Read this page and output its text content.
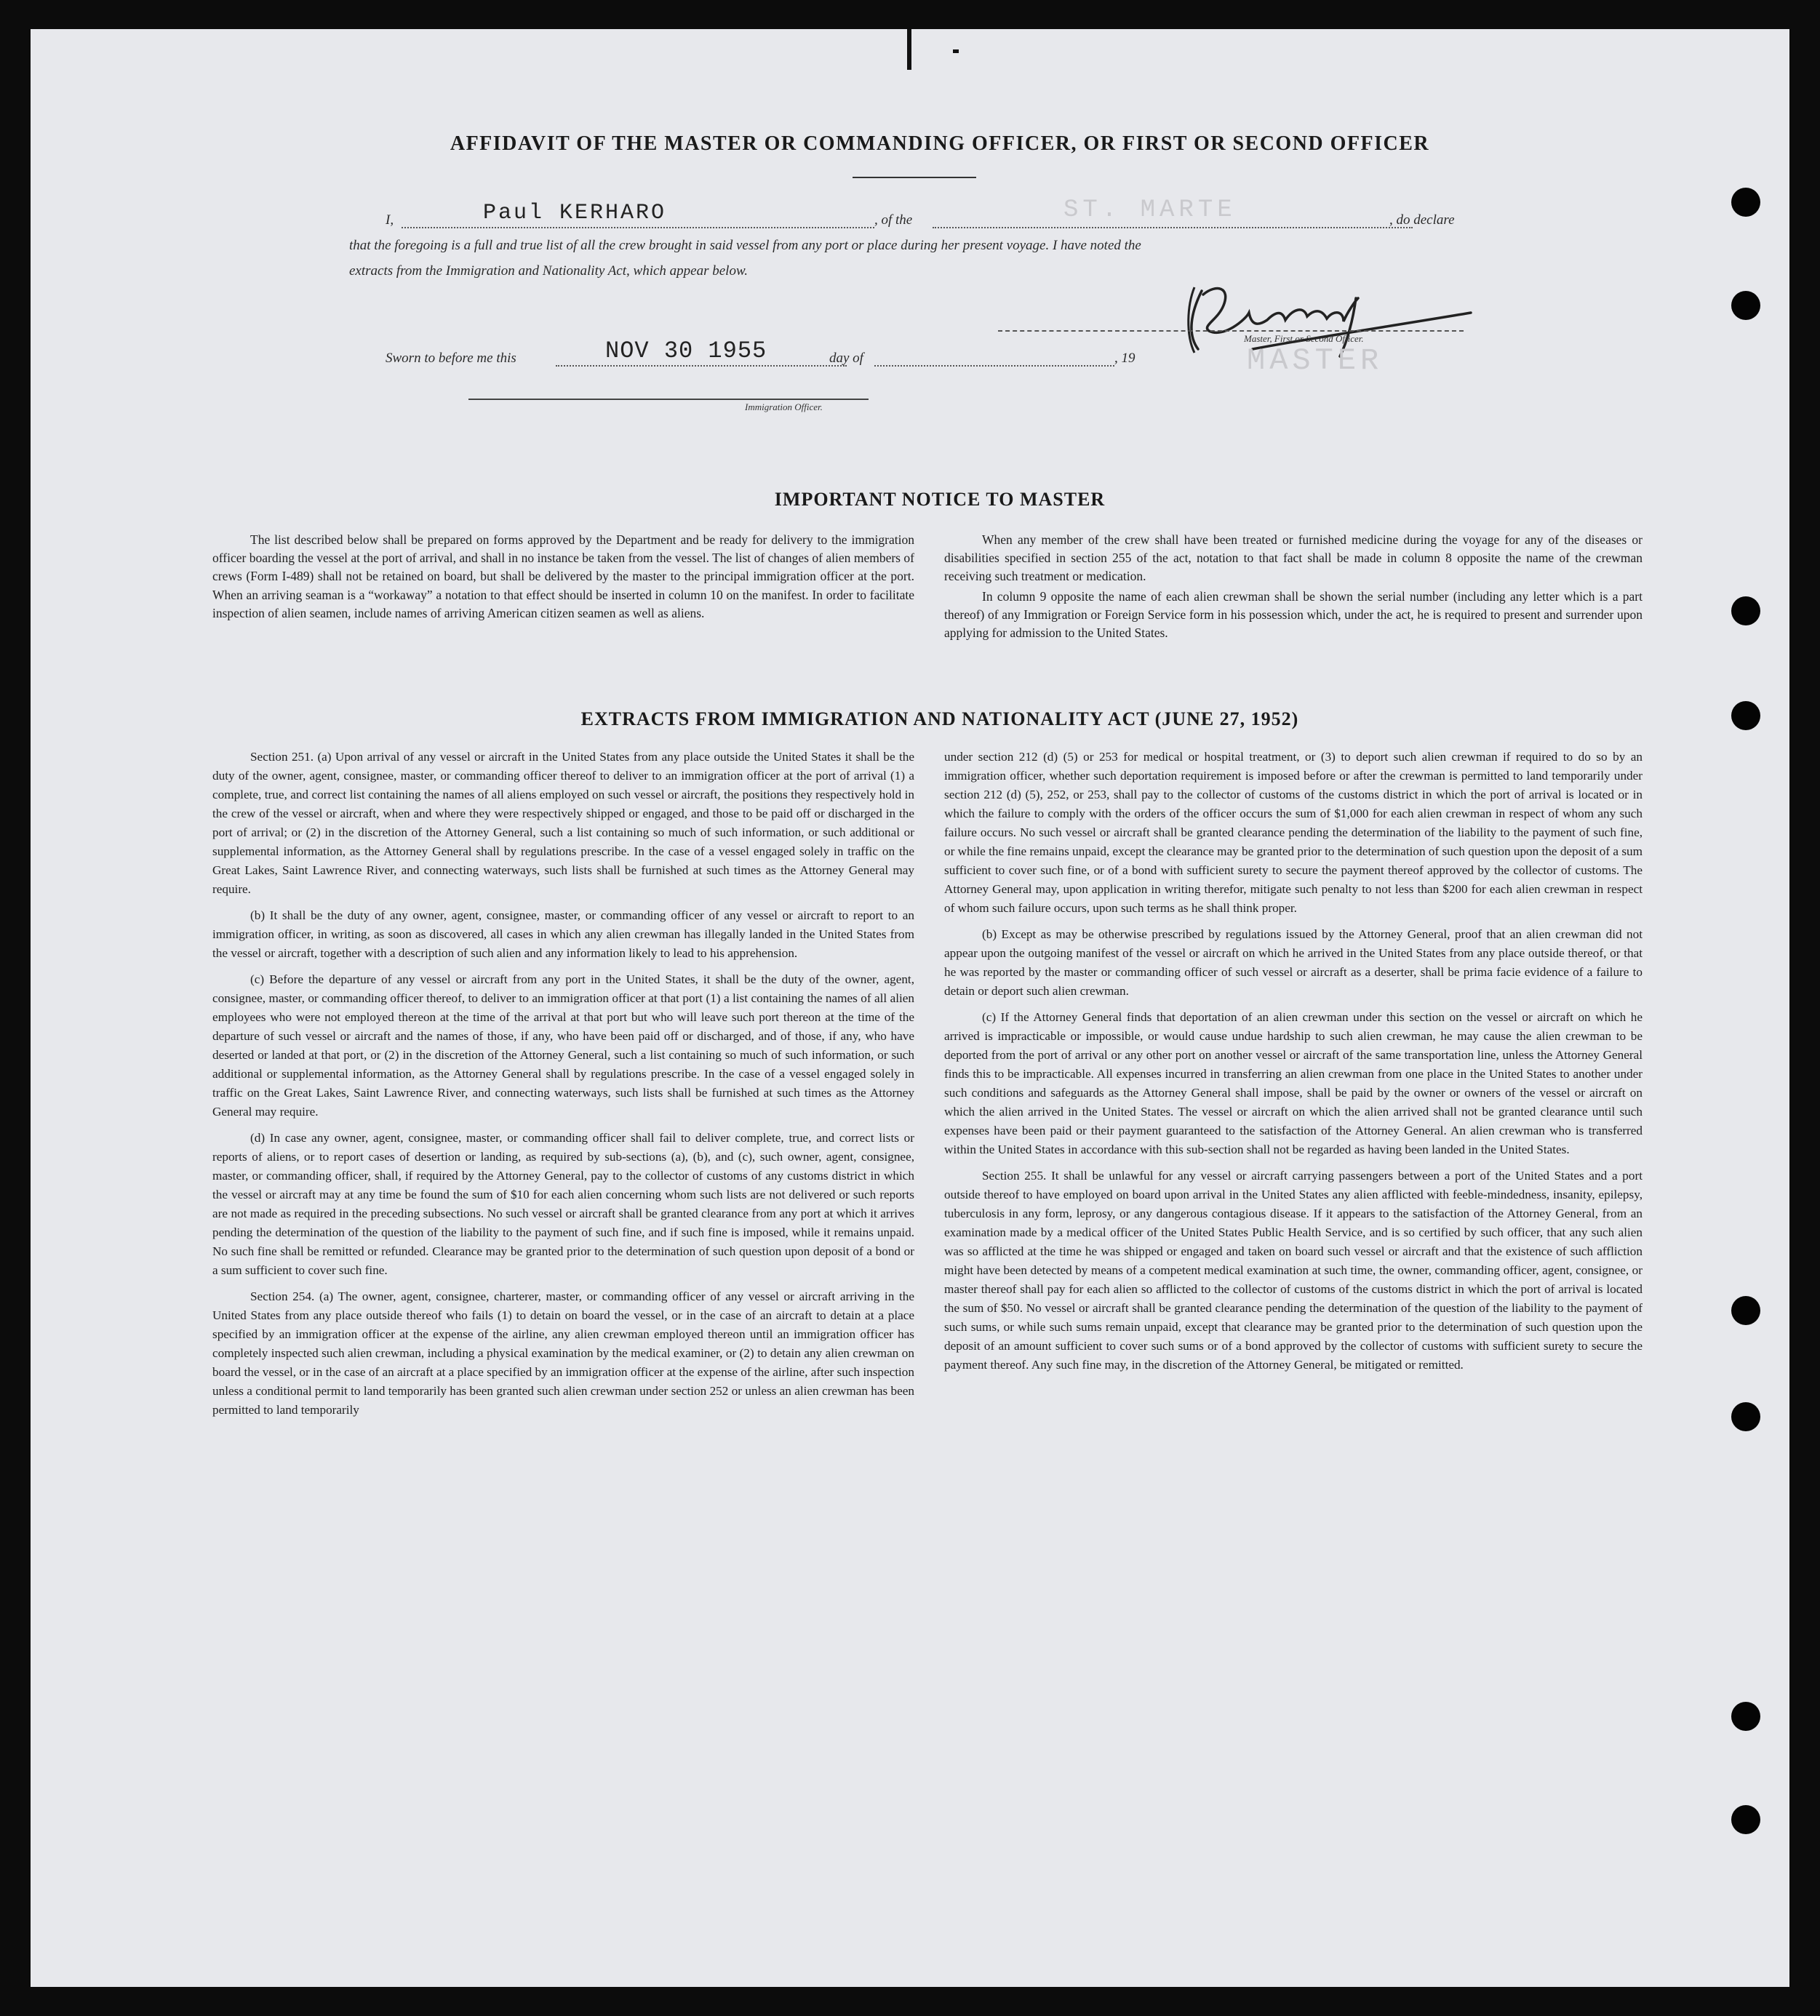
AFFIDAVIT OF THE MASTER OR COMMANDING OFFICER, OR FIRST OR SECOND OFFICER
I,	Paul KERHARO	, of the	ST. MARTE	, do declare
that the foregoing is a full and true list of all the crew brought in said vessel from any port or place during her present voyage. I have noted the
extracts from the Immigration and Nationality Act, which appear below.
Master, First or Second Officer.
MASTER
Sworn to before me this	NOV 30 1955	day of	, 19
Immigration Officer.
IMPORTANT NOTICE TO MASTER

The list described below shall be prepared on forms approved by the Department and be ready for delivery to the immigration officer boarding the vessel at the port of arrival, and shall in no instance be taken from the vessel. The list of changes of alien members of crews (Form I-489) shall not be retained on board, but shall be delivered by the master to the principal immigration officer at the port. When an arriving seaman is a “workaway” a notation to that effect should be inserted in column 10 on the manifest. In order to facilitate inspection of alien seamen, include names of arriving American citizen seamen as well as aliens.

When any member of the crew shall have been treated or furnished medicine during the voyage for any of the diseases or disabilities specified in section 255 of the act, notation to that fact shall be made in column 8 opposite the name of the crewman receiving such treatment or medication.

In column 9 opposite the name of each alien crewman shall be shown the serial number (including any letter which is a part thereof) of any Immigration or Foreign Service form in his possession which, under the act, he is required to present and surrender upon applying for admission to the United States.

EXTRACTS FROM IMMIGRATION AND NATIONALITY ACT (JUNE 27, 1952)

Section 251. (a) Upon arrival of any vessel or aircraft in the United States from any place outside the United States it shall be the duty of the owner, agent, consignee, master, or commanding officer thereof to deliver to an immigration officer at the port of arrival (1) a complete, true, and correct list containing the names of all aliens employed on such vessel or aircraft, the positions they respectively hold in the crew of the vessel or aircraft, when and where they were respectively shipped or engaged, and those to be paid off or discharged in the port of arrival; or (2) in the discretion of the Attorney General, such a list containing so much of such information, or such additional or supplemental information, as the Attorney General shall by regulations prescribe. In the case of a vessel engaged solely in traffic on the Great Lakes, Saint Lawrence River, and connecting waterways, such lists shall be furnished at such times as the Attorney General may require.

(b) It shall be the duty of any owner, agent, consignee, master, or commanding officer of any vessel or aircraft to report to an immigration officer, in writing, as soon as discovered, all cases in which any alien crewman has illegally landed in the United States from the vessel or aircraft, together with a description of such alien and any information likely to lead to his apprehension.

(c) Before the departure of any vessel or aircraft from any port in the United States, it shall be the duty of the owner, agent, consignee, master, or commanding officer thereof, to deliver to an immigration officer at that port (1) a list containing the names of all alien employees who were not employed thereon at the time of the arrival at that port but who will leave such port thereon at the time of the departure of such vessel or aircraft and the names of those, if any, who have been paid off or discharged, and of those, if any, who have deserted or landed at that port, or (2) in the discretion of the Attorney General, such a list containing so much of such information, or such additional or supplemental information, as the Attorney General shall by regulations prescribe. In the case of a vessel engaged solely in traffic on the Great Lakes, Saint Lawrence River, and connecting waterways, such lists shall be furnished at such times as the Attorney General may require.

(d) In case any owner, agent, consignee, master, or commanding officer shall fail to deliver complete, true, and correct lists or reports of aliens, or to report cases of desertion or landing, as required by sub-sections (a), (b), and (c), such owner, agent, consignee, master, or commanding officer, shall, if required by the Attorney General, pay to the collector of customs of any customs district in which the vessel or aircraft may at any time be found the sum of $10 for each alien concerning whom such lists are not delivered or such reports are not made as required in the preceding subsections. No such vessel or aircraft shall be granted clearance from any port at which it arrives pending the determination of the question of the liability to the payment of such fine, and if such fine is imposed, while it remains unpaid. No such fine shall be remitted or refunded. Clearance may be granted prior to the determination of such question upon deposit of a bond or a sum sufficient to cover such fine.

Section 254. (a) The owner, agent, consignee, charterer, master, or commanding officer of any vessel or aircraft arriving in the United States from any place outside thereof who fails (1) to detain on board the vessel, or in the case of an aircraft to detain at a place specified by an immigration officer at the expense of the airline, any alien crewman employed thereon until an immigration officer has completely inspected such alien crewman, including a physical examination by the medical examiner, or (2) to detain any alien crewman on board the vessel, or in the case of an aircraft at a place specified by an immigration officer at the expense of the airline, after such inspection unless a conditional permit to land temporarily has been granted such alien crewman under section 252 or unless an alien crewman has been permitted to land temporarily

under section 212 (d) (5) or 253 for medical or hospital treatment, or (3) to deport such alien crewman if required to do so by an immigration officer, whether such deportation requirement is imposed before or after the crewman is permitted to land temporarily under section 212 (d) (5), 252, or 253, shall pay to the collector of customs of the customs district in which the port of arrival is located or in which the failure to comply with the orders of the officer occurs the sum of $1,000 for each alien crewman in respect of whom any such failure occurs. No such vessel or aircraft shall be granted clearance pending the determination of the liability to the payment of such fine, or while the fine remains unpaid, except the clearance may be granted prior to the determination of such question upon the deposit of a sum sufficient to cover such fine, or of a bond with sufficient surety to secure the payment thereof approved by the collector of customs. The Attorney General may, upon application in writing therefor, mitigate such penalty to not less than $200 for each alien crewman in respect of whom such failure occurs, upon such terms as he shall think proper.

(b) Except as may be otherwise prescribed by regulations issued by the Attorney General, proof that an alien crewman did not appear upon the outgoing manifest of the vessel or aircraft on which he arrived in the United States from any place outside thereof, or that he was reported by the master or commanding officer of such vessel or aircraft as a deserter, shall be prima facie evidence of a failure to detain or deport such alien crewman.

(c) If the Attorney General finds that deportation of an alien crewman under this section on the vessel or aircraft on which he arrived is impracticable or impossible, or would cause undue hardship to such alien crewman, he may cause the alien crewman to be deported from the port of arrival or any other port on another vessel or aircraft of the same transportation line, unless the Attorney General finds this to be impracticable. All expenses incurred in transferring an alien crewman from one place in the United States to another under such conditions and safeguards as the Attorney General shall impose, shall be paid by the owner or owners of the vessel or aircraft on which the alien arrived in the United States. The vessel or aircraft on which the alien arrived shall not be granted clearance until such expenses have been paid or their payment guaranteed to the satisfaction of the Attorney General. An alien crewman who is transferred within the United States in accordance with this sub-section shall not be regarded as having been landed in the United States.

Section 255. It shall be unlawful for any vessel or aircraft carrying passengers between a port of the United States and a port outside thereof to have employed on board upon arrival in the United States any alien afflicted with feeble-mindedness, insanity, epilepsy, tuberculosis in any form, leprosy, or any dangerous contagious disease. If it appears to the satisfaction of the Attorney General, from an examination made by a medical officer of the United States Public Health Service, and is so certified by such officer, that any such alien was so afflicted at the time he was shipped or engaged and taken on board such vessel or aircraft and that the existence of such affliction might have been detected by means of a competent medical examination at such time, the owner, commanding officer, agent, consignee, or master thereof shall pay for each alien so afflicted to the collector of customs of the customs district in which the port of arrival is located the sum of $50. No vessel or aircraft shall be granted clearance pending the determination of the question of the liability to the payment of such sums, or while such sums remain unpaid, except that clearance may be granted prior to the determination of such question upon the deposit of an amount sufficient to cover such sums or of a bond approved by the collector of customs with sufficient surety to secure the payment thereof. Any such fine may, in the discretion of the Attorney General, be mitigated or remitted.
